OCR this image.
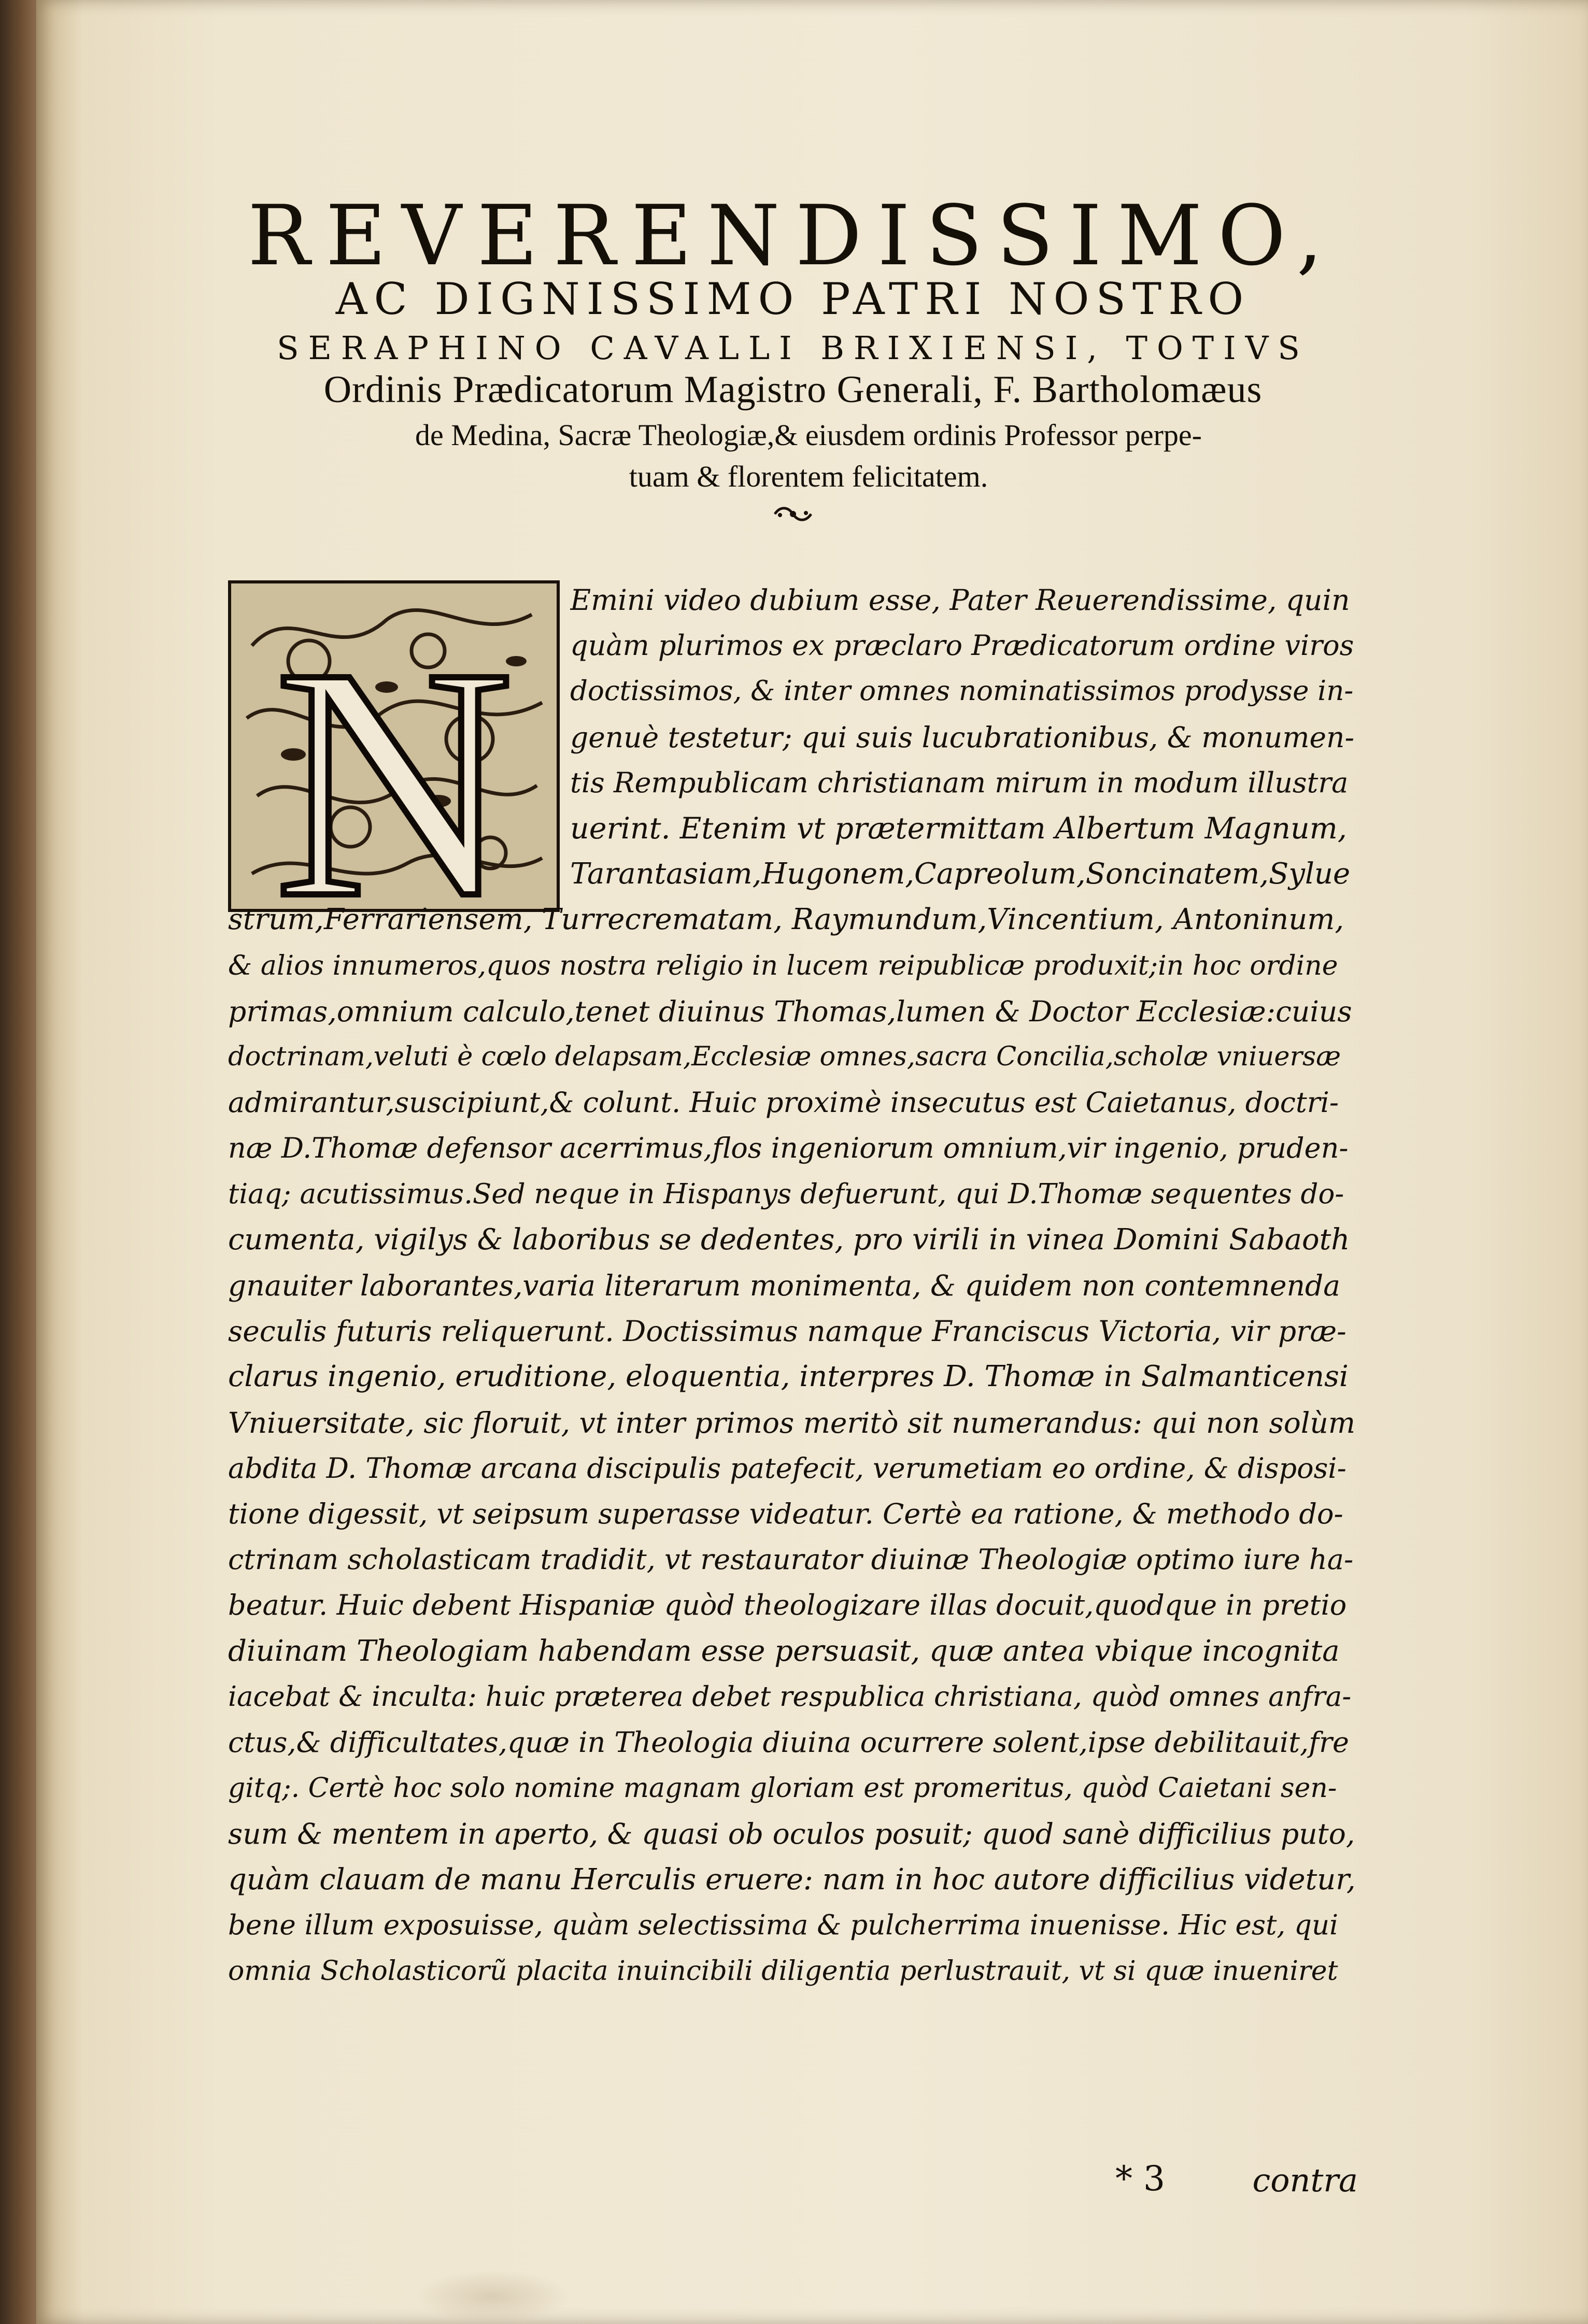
REVERENDISSIMO,
AC DIGNISSIMO PATRI NOSTRO
SERAPHINO CAVALLI BRIXIENSI, TOTIVS
Ordinis Prædicatorum Magistro Generali, F. Bartholomæus
de Medina, Sacræ Theologiæ,& eiusdem ordinis Professor perpe-
tuam & florentem felicitatem.
N Emini video dubium esse, Pater Reuerendissime, quin
quàm plurimos ex præclaro Prædicatorum ordine viros
doctissimos, & inter omnes nominatissimos prodysse in-
genuè testetur; qui suis lucubrationibus, & monumen-
tis Rempublicam christianam mirum in modum illustra
uerint. Etenim vt prætermittam Albertum Magnum,
Tarantasiam,Hugonem,Capreolum,Soncinatem,Sylue
strum,Ferrariensem, Turrecrematam, Raymundum,Vincentium, Antoninum,
& alios innumeros,quos nostra religio in lucem reipublicæ produxit;in hoc ordine
primas,omnium calculo,tenet diuinus Thomas,lumen & Doctor Ecclesiæ:cuius
doctrinam,veluti è cœlo delapsam,Ecclesiæ omnes,sacra Concilia,scholæ vniuersæ
admirantur,suscipiunt,& colunt. Huic proximè insecutus est Caietanus, doctri-
næ D.Thomæ defensor acerrimus,flos ingeniorum omnium,vir ingenio, pruden-
tiaq; acutissimus.Sed neque in Hispanys defuerunt, qui D.Thomæ sequentes do-
cumenta, vigilys & laboribus se dedentes, pro virili in vinea Domini Sabaoth
gnauiter laborantes,varia literarum monimenta, & quidem non contemnenda
seculis futuris reliquerunt. Doctissimus namque Franciscus Victoria, vir præ-
clarus ingenio, eruditione, eloquentia, interpres D. Thomæ in Salmanticensi
Vniuersitate, sic floruit, vt inter primos meritò sit numerandus: qui non solùm
abdita D. Thomæ arcana discipulis patefecit, verumetiam eo ordine, & disposi-
tione digessit, vt seipsum superasse videatur. Certè ea ratione, & methodo do-
ctrinam scholasticam tradidit, vt restaurator diuinæ Theologiæ optimo iure ha-
beatur. Huic debent Hispaniæ quòd theologizare illas docuit,quodque in pretio
diuinam Theologiam habendam esse persuasit, quæ antea vbique incognita
iacebat & inculta: huic præterea debet respublica christiana, quòd omnes anfra-
ctus,& difficultates,quæ in Theologia diuina ocurrere solent,ipse debilitauit,fre
gitq;. Certè hoc solo nomine magnam gloriam est promeritus, quòd Caietani sen-
sum & mentem in aperto, & quasi ob oculos posuit; quod sanè difficilius puto,
quàm clauam de manu Herculis eruere: nam in hoc autore difficilius videtur,
bene illum exposuisse, quàm selectissima & pulcherrima inuenisse. Hic est, qui
omnia Scholasticorũ placita inuincibili diligentia perlustrauit, vt si quæ inueniret
* 3	contra
